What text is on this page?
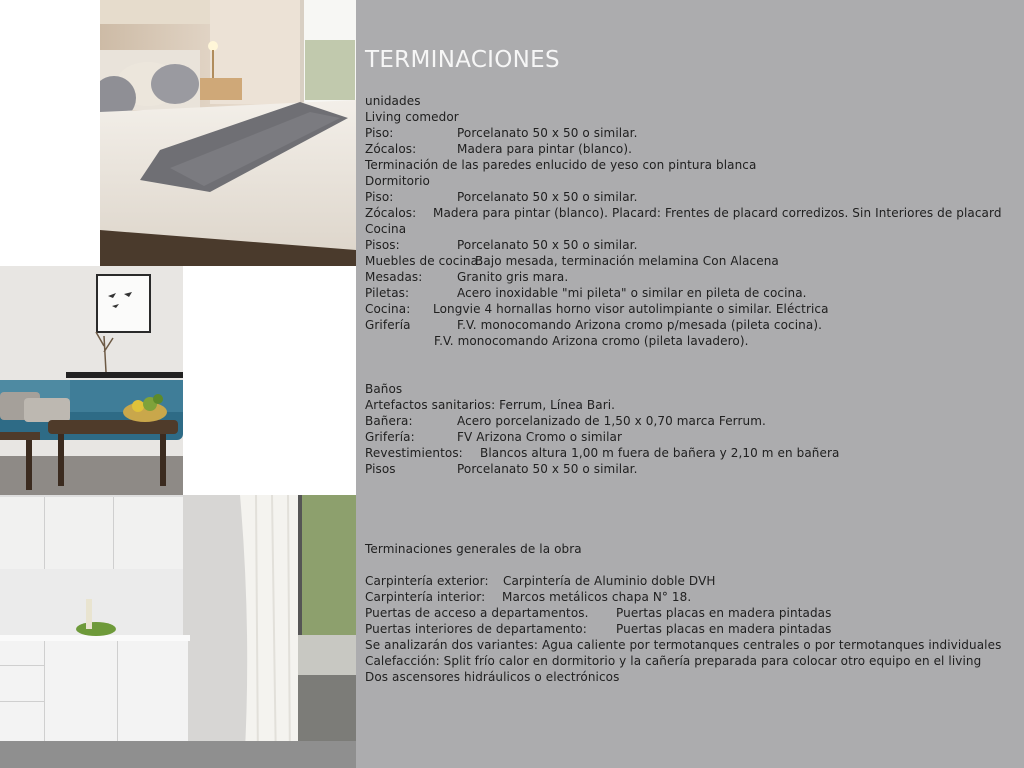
TERMINACIONES
unidades
Living comedor
Piso:	Porcelanato 50 x 50 o similar.
Zócalos:	Madera para pintar (blanco).
Terminación de las paredes enlucido de yeso con pintura blanca
Dormitorio
Piso:	Porcelanato 50 x 50 o similar.
Zócalos: Madera para pintar (blanco). Placard: Frentes de placard corredizos. Sin Interiores de placard
Cocina
Pisos:	Porcelanato 50 x 50 o similar.
Muebles de cocina:
Bajo mesada, terminación melamina Con Alacena
Mesadas:	Granito gris mara.
Piletas:	Acero inoxidable "mi pileta" o similar en pileta de cocina.
Cocina: Longvie 4 hornallas horno visor autolimpiante o similar. Eléctrica
Grifería	F.V. monocomando Arizona cromo p/mesada (pileta cocina).
F.V. monocomando Arizona cromo (pileta lavadero).
Baños
Artefactos sanitarios: Ferrum, Línea Bari.
Bañera:	Acero porcelanizado de 1,50 x 0,70 marca Ferrum.
Grifería:	FV Arizona Cromo o similar
Revestimientos: Blancos altura 1,00 m fuera de bañera y 2,10 m en bañera
Pisos	Porcelanato 50 x 50 o similar.
Terminaciones generales de la obra
Carpintería exterior: Carpintería de Aluminio doble DVH
Carpintería interior: Marcos metálicos chapa N° 18.
Puertas de acceso a departamentos. Puertas placas en madera pintadas
Puertas interiores de departamento: Puertas placas en madera pintadas
Se analizarán dos variantes: Agua caliente por termotanques centrales o por termotanques individuales
Calefacción: Split frío calor en dormitorio y la cañería preparada para colocar otro equipo en el living
Dos ascensores hidráulicos o electrónicos
